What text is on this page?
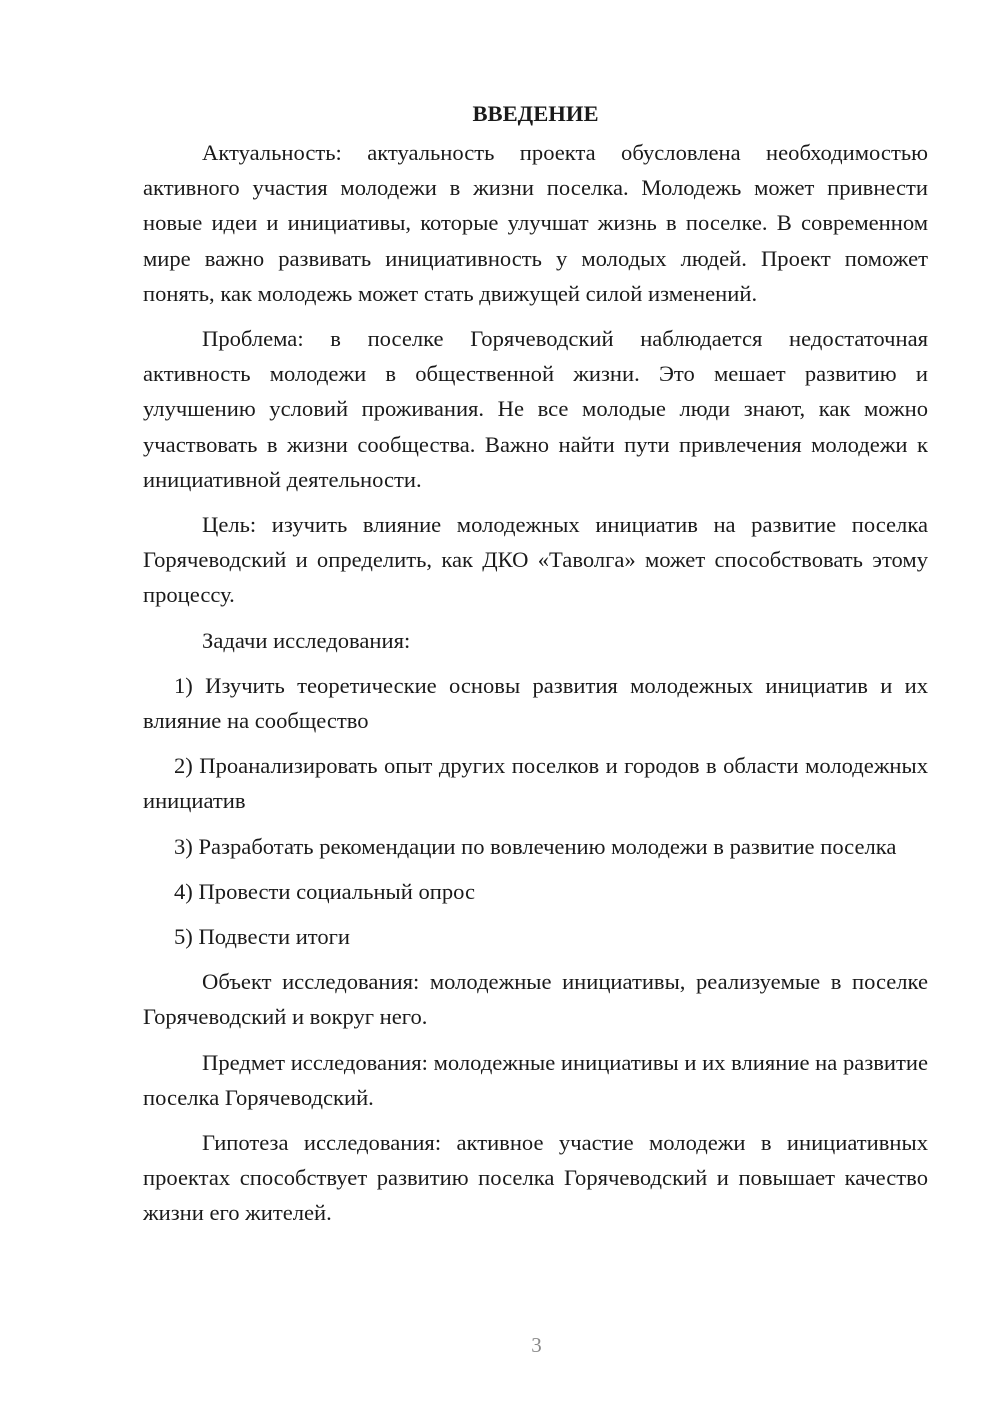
ВВЕДЕНИЕ

Актуальность: актуальность проекта обусловлена необходимостью активного участия молодежи в жизни поселка. Молодежь может привнести новые идеи и инициативы, которые улучшат жизнь в поселке. В современном мире важно развивать инициативность у молодых людей. Проект поможет понять, как молодежь может стать движущей силой изменений.

Проблема: в поселке Горячеводский наблюдается недостаточная активность молодежи в общественной жизни. Это мешает развитию и улучшению условий проживания. Не все молодые люди знают, как можно участвовать в жизни сообщества. Важно найти пути привлечения молодежи к инициативной деятельности.

Цель: изучить влияние молодежных инициатив на развитие поселка Горячеводский и определить, как ДКО «Таволга» может способствовать этому процессу.

Задачи исследования:

1) Изучить теоретические основы развития молодежных инициатив и их влияние на сообщество

2) Проанализировать опыт других поселков и городов в области молодежных инициатив

3) Разработать рекомендации по вовлечению молодежи в развитие поселка

4) Провести социальный опрос

5) Подвести итоги

Объект исследования: молодежные инициативы, реализуемые в поселке Горячеводский и вокруг него.

Предмет исследования: молодежные инициативы и их влияние на развитие поселка Горячеводский.

Гипотеза исследования: активное участие молодежи в инициативных проектах способствует развитию поселка Горячеводский и повышает качество жизни его жителей.

3
